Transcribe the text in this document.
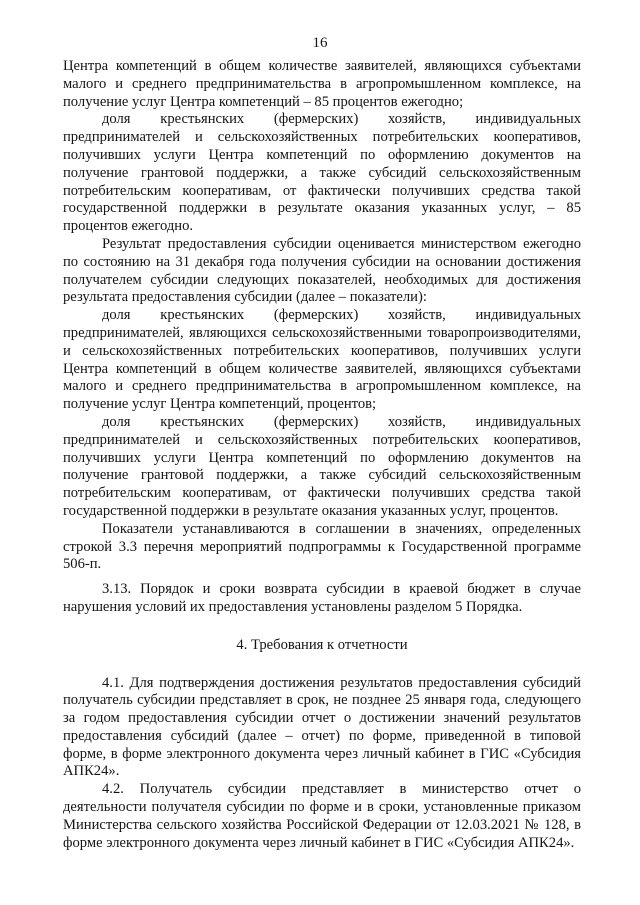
16

Центра компетенций в общем количестве заявителей, являющихся субъектами малого и среднего предпринимательства в агропромышленном комплексе, на получение услуг Центра компетенций – 85 процентов ежегодно;

доля крестьянских (фермерских) хозяйств, индивидуальных предпринимателей и сельскохозяйственных потребительских кооперативов, получивших услуги Центра компетенций по оформлению документов на получение грантовой поддержки, а также субсидий сельскохозяйственным потребительским кооперативам, от фактически получивших средства такой государственной поддержки в результате оказания указанных услуг, – 85 процентов ежегодно.

Результат предоставления субсидии оценивается министерством ежегодно по состоянию на 31 декабря года получения субсидии на основании достижения получателем субсидии следующих показателей, необходимых для достижения результата предоставления субсидии (далее – показатели):

доля крестьянских (фермерских) хозяйств, индивидуальных предпринимателей, являющихся сельскохозяйственными товаропроизводителями, и сельскохозяйственных потребительских кооперативов, получивших услуги Центра компетенций в общем количестве заявителей, являющихся субъектами малого и среднего предпринимательства в агропромышленном комплексе, на получение услуг Центра компетенций, процентов;

доля крестьянских (фермерских) хозяйств, индивидуальных предпринимателей и сельскохозяйственных потребительских кооперативов, получивших услуги Центра компетенций по оформлению документов на получение грантовой поддержки, а также субсидий сельскохозяйственным потребительским кооперативам, от фактически получивших средства такой государственной поддержки в результате оказания указанных услуг, процентов.

Показатели устанавливаются в соглашении в значениях, определенных строкой 3.3 перечня мероприятий подпрограммы к Государственной программе 506-п.

3.13. Порядок и сроки возврата субсидии в краевой бюджет в случае нарушения условий их предоставления установлены разделом 5 Порядка.

4. Требования к отчетности

4.1. Для подтверждения достижения результатов предоставления субсидий получатель субсидии представляет в срок, не позднее 25 января года, следующего за годом предоставления субсидии отчет о достижении значений результатов предоставления субсидий (далее – отчет) по форме, приведенной в типовой форме, в форме электронного документа через личный кабинет в ГИС «Субсидия АПК24».

4.2. Получатель субсидии представляет в министерство отчет о деятельности получателя субсидии по форме и в сроки, установленные приказом Министерства сельского хозяйства Российской Федерации от 12.03.2021 № 128, в форме электронного документа через личный кабинет в ГИС «Субсидия АПК24».
